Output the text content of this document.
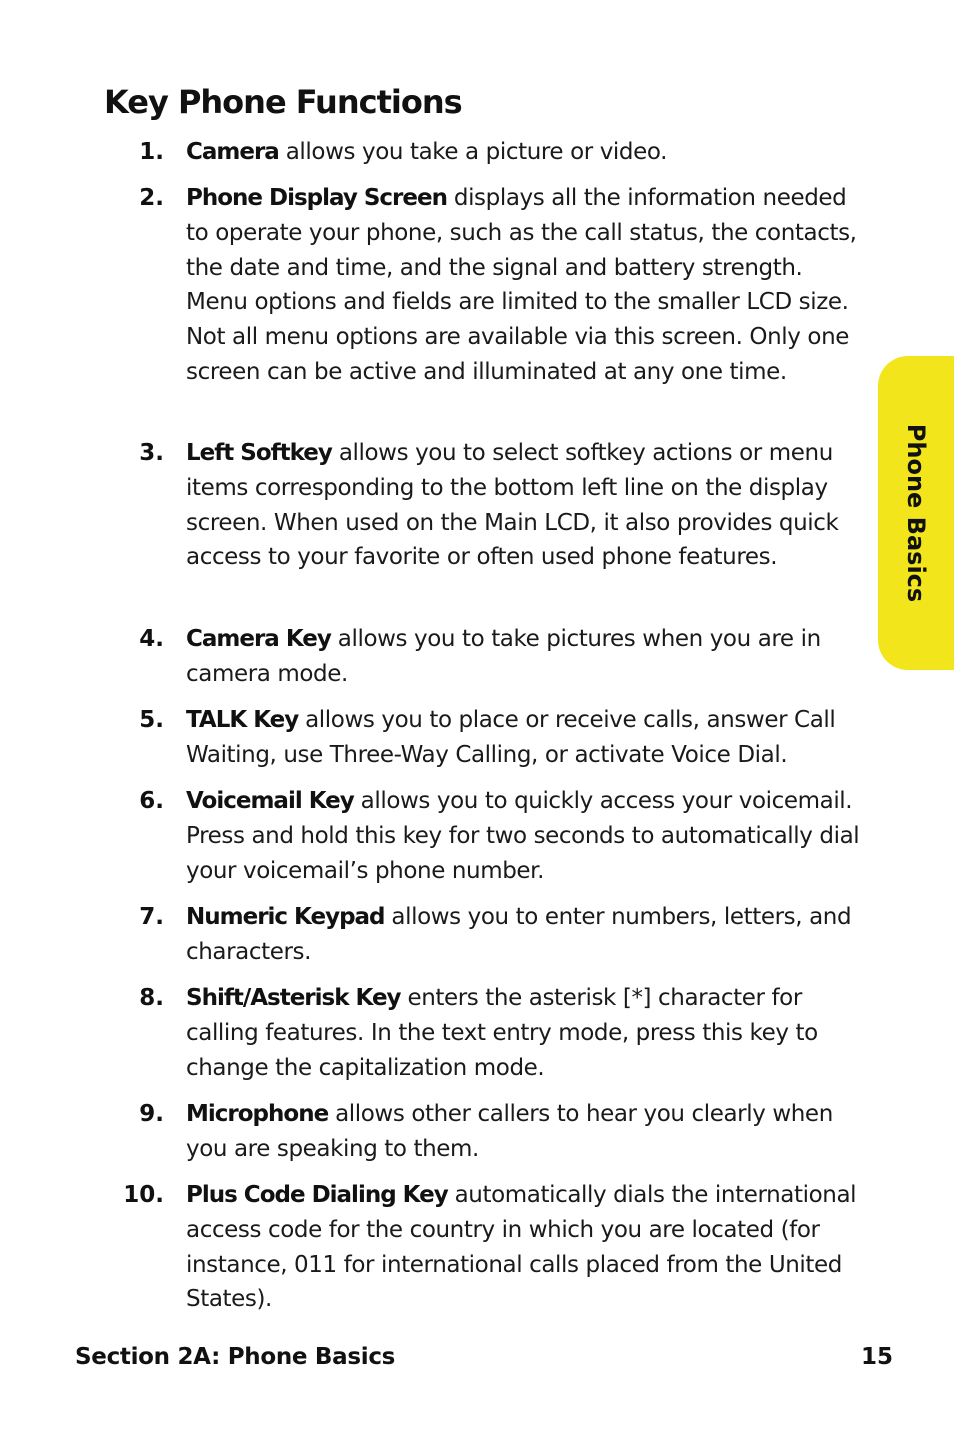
Key Phone Functions
1. Camera allows you take a picture or video.
2. Phone Display Screen displays all the information needed to operate your phone, such as the call status, the contacts, the date and time, and the signal and battery strength. Menu options and fields are limited to the smaller LCD size. Not all menu options are available via this screen. Only one screen can be active and illuminated at any one time.
3. Left Softkey allows you to select softkey actions or menu items corresponding to the bottom left line on the display screen. When used on the Main LCD, it also provides quick access to your favorite or often used phone features.
4. Camera Key allows you to take pictures when you are in camera mode.
5. TALK Key allows you to place or receive calls, answer Call Waiting, use Three-Way Calling, or activate Voice Dial.
6. Voicemail Key allows you to quickly access your voicemail. Press and hold this key for two seconds to automatically dial your voicemail’s phone number.
7. Numeric Keypad allows you to enter numbers, letters, and characters.
8. Shift/Asterisk Key enters the asterisk [*] character for calling features. In the text entry mode, press this key to change the capitalization mode.
9. Microphone allows other callers to hear you clearly when you are speaking to them.
10. Plus Code Dialing Key automatically dials the international access code for the country in which you are located (for instance, 011 for international calls placed from the United States).
Phone Basics
Section 2A: Phone Basics	15
